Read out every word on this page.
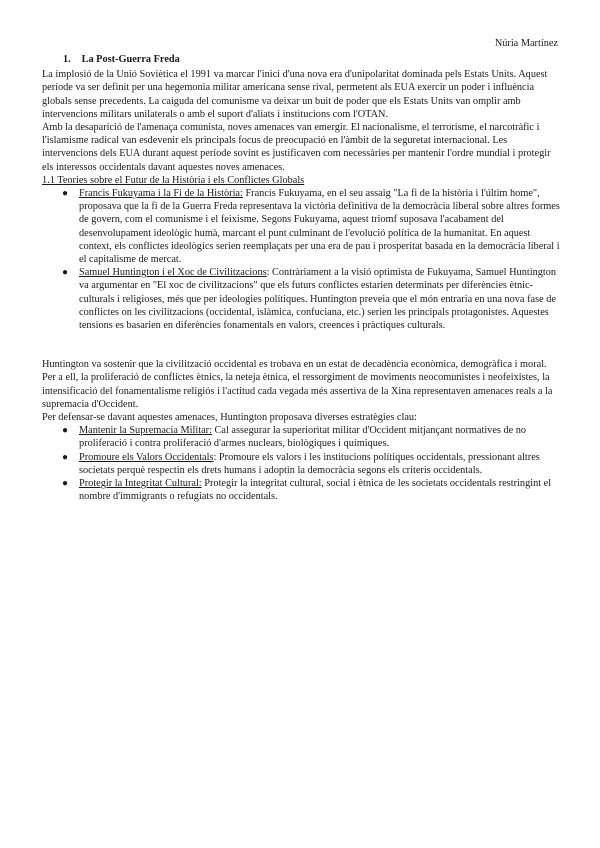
Núria Martínez
1. La Post-Guerra Freda

La implosió de la Unió Soviètica el 1991 va marcar l'inici d'una nova era d'unipolaritat dominada pels Estats Units. Aquest període va ser definit per una hegemonia militar americana sense rival, permetent als EUA exercir un poder i influència globals sense precedents. La caiguda del comunisme va deixar un buit de poder que els Estats Units van omplir amb intervencions militars unilaterals o amb el suport d'aliats i institucions com l'OTAN.

Amb la desaparició de l'amenaça comunista, noves amenaces van emergir. El nacionalisme, el terrorisme, el narcotràfic i l'islamisme radical van esdevenir els principals focus de preocupació en l'àmbit de la seguretat internacional. Les intervencions dels EUA durant aquest període sovint es justificaven com necessàries per mantenir l'ordre mundial i protegir els interessos occidentals davant aquestes noves amenaces.

1.1 Teories sobre el Futur de la Història i els Conflictes Globals

● Francis Fukuyama i la Fi de la Història: Francis Fukuyama, en el seu assaig "La fi de la història i l'últim home", proposava que la fi de la Guerra Freda representava la victòria definitiva de la democràcia liberal sobre altres formes de govern, com el comunisme i el feixisme. Segons Fukuyama, aquest triomf suposava l'acabament del desenvolupament ideològic humà, marcant el punt culminant de l'evolució política de la humanitat. En aquest context, els conflictes ideològics serien reemplaçats per una era de pau i prosperitat basada en la democràcia liberal i el capitalisme de mercat.
● Samuel Huntington i el Xoc de Civilitzacions: Contràriament a la visió optimista de Fukuyama, Samuel Huntington va argumentar en "El xoc de civilitzacions" que els futurs conflictes estarien determinats per diferències ètnic-culturals i religioses, més que per ideologies polítiques. Huntington preveia que el món entraria en una nova fase de conflictes on les civilitzacions (occidental, islàmica, confuciana, etc.) serien les principals protagonistes. Aquestes tensions es basarien en diferències fonamentals en valors, creences i pràctiques culturals.

Huntington va sostenir que la civilització occidental es trobava en un estat de decadència econòmica, demogràfica i moral. Per a ell, la proliferació de conflictes ètnics, la neteja ètnica, el ressorgiment de moviments neocomunistes i neofeixistes, la intensificació del fonamentalisme religiós i l'actitud cada vegada més assertiva de la Xina representaven amenaces reals a la supremacia d'Occident.

Per defensar-se davant aquestes amenaces, Huntington proposava diverses estratègies clau:

● Mantenir la Supremacia Militar: Cal assegurar la superioritat militar d'Occident mitjançant normatives de no proliferació i contra proliferació d'armes nuclears, biològiques i químiques.
● Promoure els Valors Occidentals: Promoure els valors i les institucions polítiques occidentals, pressionant altres societats perquè respectin els drets humans i adoptin la democràcia segons els criteris occidentals.
● Protegir la Integritat Cultural: Protegir la integritat cultural, social i ètnica de les societats occidentals restringint el nombre d'immigrants o refugiats no occidentals.
